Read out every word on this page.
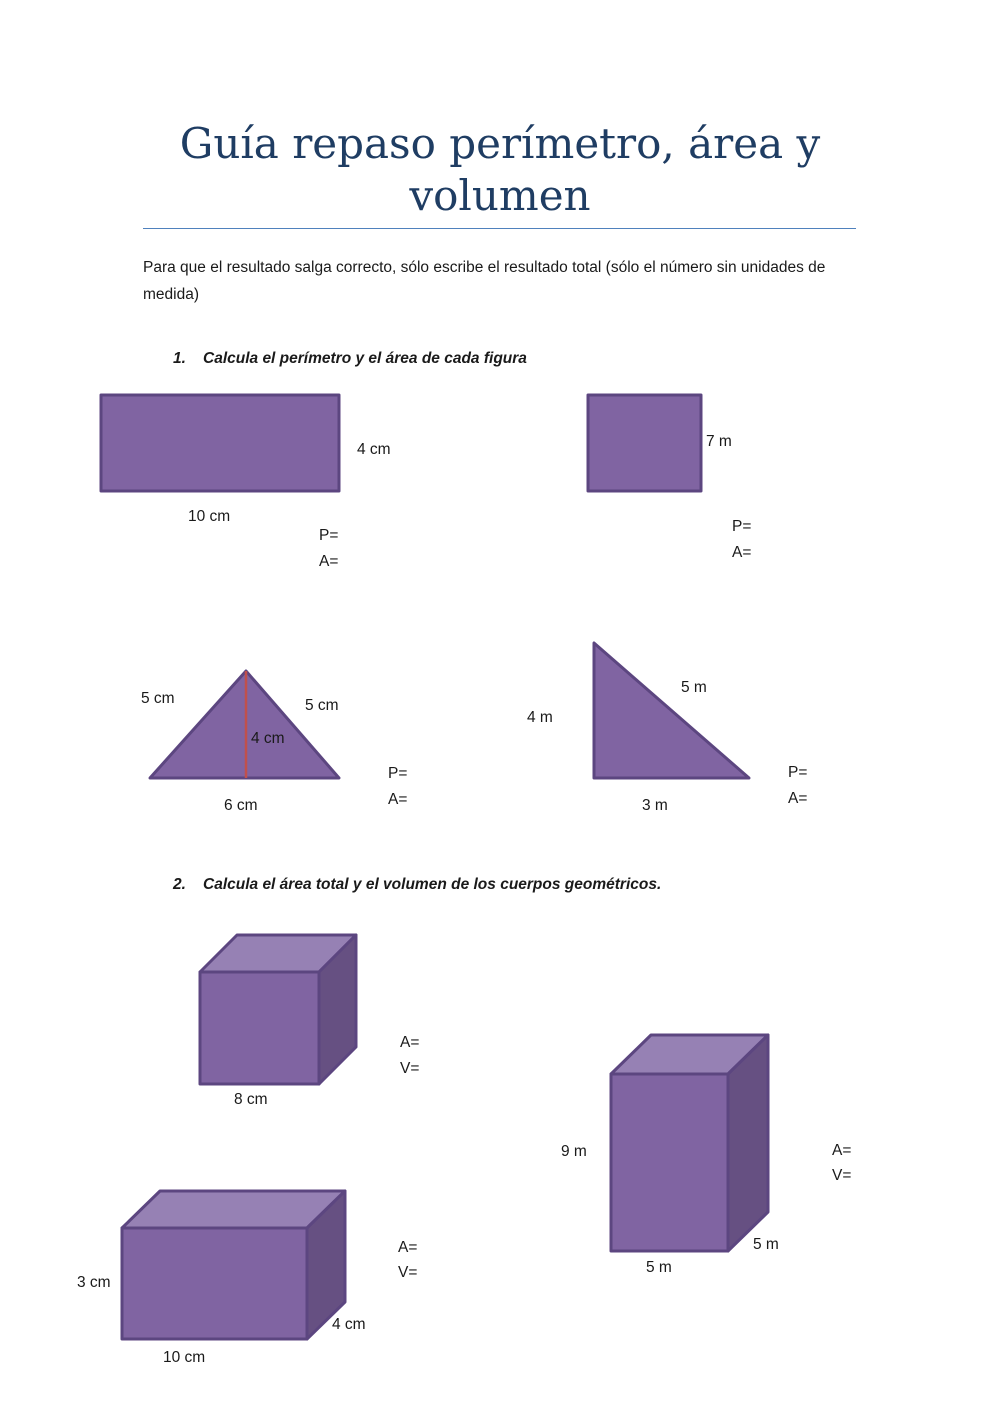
Guía repaso perímetro, área y volumen

Para que el resultado salga correcto, sólo escribe el resultado total (sólo el número sin unidades de medida)

1. Calcula el perímetro y el área de cada figura

4 cm
10 cm
P=
A=
7 m
P=
A=
5 cm	5 cm
4 cm
6 cm
P=
A=
5 m
4 m
3 m
P=
A=

2. Calcula el área total y el volumen de los cuerpos geométricos.

8 cm
A=
V=
9 m
5 m
5 m
A=
V=
3 cm
4 cm
10 cm
A=
V=
